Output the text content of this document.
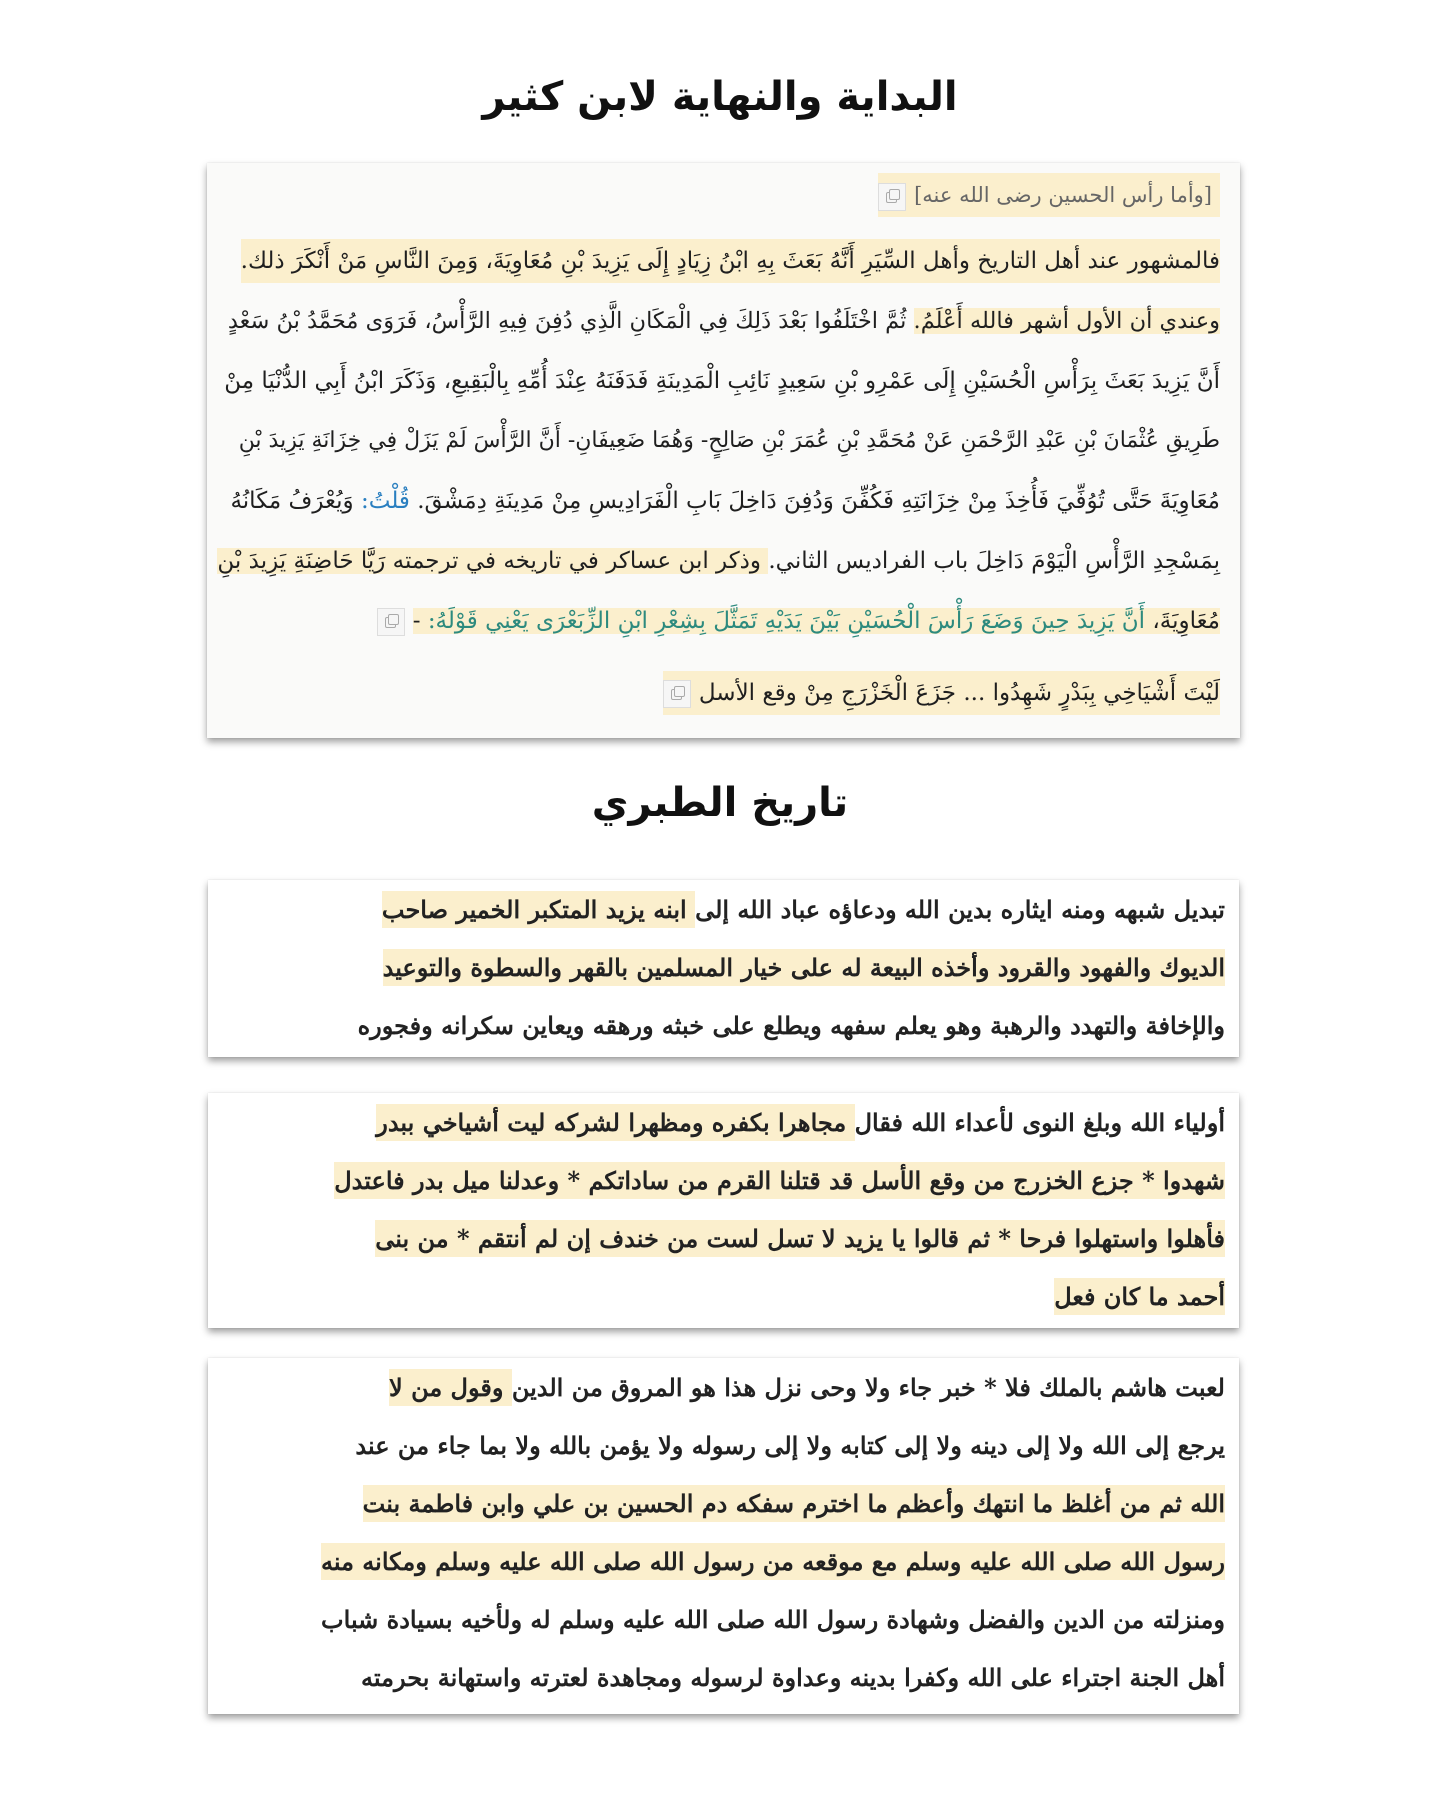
البداية والنهاية لابن كثير
[وأما رأس الحسين رضى الله عنه]
فالمشهور عند أهل التاريخ وأهل السِّيَرِ أَنَّهُ بَعَثَ بِهِ ابْنُ زِيَادٍ إِلَى يَزِيدَ بْنِ مُعَاوِيَةَ، وَمِنَ النَّاسِ مَنْ أَنْكَرَ ذلك.
وعندي أن الأول أشهر فالله أَعْلَمُ. ثُمَّ اخْتَلَفُوا بَعْدَ ذَلِكَ فِي الْمَكَانِ الَّذِي دُفِنَ فِيهِ الرَّأْسُ، فَرَوَى مُحَمَّدُ بْنُ سَعْدٍ
أَنَّ يَزِيدَ بَعَثَ بِرَأْسِ الْحُسَيْنِ إِلَى عَمْرِو بْنِ سَعِيدٍ نَائِبِ الْمَدِينَةِ فَدَفَنَهُ عِنْدَ أُمِّهِ بِالْبَقِيعِ، وَذَكَرَ ابْنُ أَبِي الدُّنْيَا مِنْ
طَرِيقِ عُثْمَانَ بْنِ عَبْدِ الرَّحْمَنِ عَنْ مُحَمَّدِ بْنِ عُمَرَ بْنِ صَالِحٍ- وَهُمَا ضَعِيفَانِ- أَنَّ الرَّأْسَ لَمْ يَزَلْ فِي خِزَانَةِ يَزِيدَ بْنِ
مُعَاوِيَةَ حَتَّى تُوُفِّيَ فَأُخِذَ مِنْ خِزَانَتِهِ فَكُفِّنَ وَدُفِنَ دَاخِلَ بَابِ الْفَرَادِيسِ مِنْ مَدِينَةِ دِمَشْقَ. قُلْتُ: وَيُعْرَفُ مَكَانُهُ
بِمَسْجِدِ الرَّأْسِ الْيَوْمَ دَاخِلَ باب الفراديس الثاني. وذكر ابن عساكر في تاريخه في ترجمته رَيَّا حَاضِنَةِ يَزِيدَ بْنِ
مُعَاوِيَةَ، أَنَّ يَزِيدَ حِينَ وَضَعَ رَأْسَ الْحُسَيْنِ بَيْنَ يَدَيْهِ تَمَثَّلَ بِشِعْرِ ابْنِ الزِّبَعْرَى يَعْنِي قَوْلَهُ: -
لَيْتَ أَشْيَاخِي بِبَدْرٍ شَهِدُوا ... جَزَعَ الْخَزْرَجِ مِنْ وقع الأسل
تاريخ الطبري
تبديل شبهه ومنه ايثاره بدين الله ودعاؤه عباد الله إلى ابنه يزيد المتكبر الخمير صاحب
الديوك والفهود والقرود وأخذه البيعة له على خيار المسلمين بالقهر والسطوة والتوعيد
والإخافة والتهدد والرهبة وهو يعلم سفهه ويطلع على خبثه ورهقه ويعاين سكرانه وفجوره
أولياء الله وبلغ النوى لأعداء الله فقال مجاهرا بكفره ومظهرا لشركه ليت أشياخي ببدر
شهدوا * جزع الخزرج من وقع الأسل قد قتلنا القرم من ساداتكم * وعدلنا ميل بدر فاعتدل
فأهلوا واستهلوا فرحا * ثم قالوا يا يزيد لا تسل لست من خندف إن لم أنتقم * من بنى
أحمد ما كان فعل
لعبت هاشم بالملك فلا * خبر جاء ولا وحى نزل هذا هو المروق من الدين وقول من لا
يرجع إلى الله ولا إلى دينه ولا إلى كتابه ولا إلى رسوله ولا يؤمن بالله ولا بما جاء من عند
الله ثم من أغلظ ما انتهك وأعظم ما اخترم سفكه دم الحسين بن علي وابن فاطمة بنت
رسول الله صلى الله عليه وسلم مع موقعه من رسول الله صلى الله عليه وسلم ومكانه منه
ومنزلته من الدين والفضل وشهادة رسول الله صلى الله عليه وسلم له ولأخيه بسيادة شباب
أهل الجنة اجتراء على الله وكفرا بدينه وعداوة لرسوله ومجاهدة لعترته واستهانة بحرمته
